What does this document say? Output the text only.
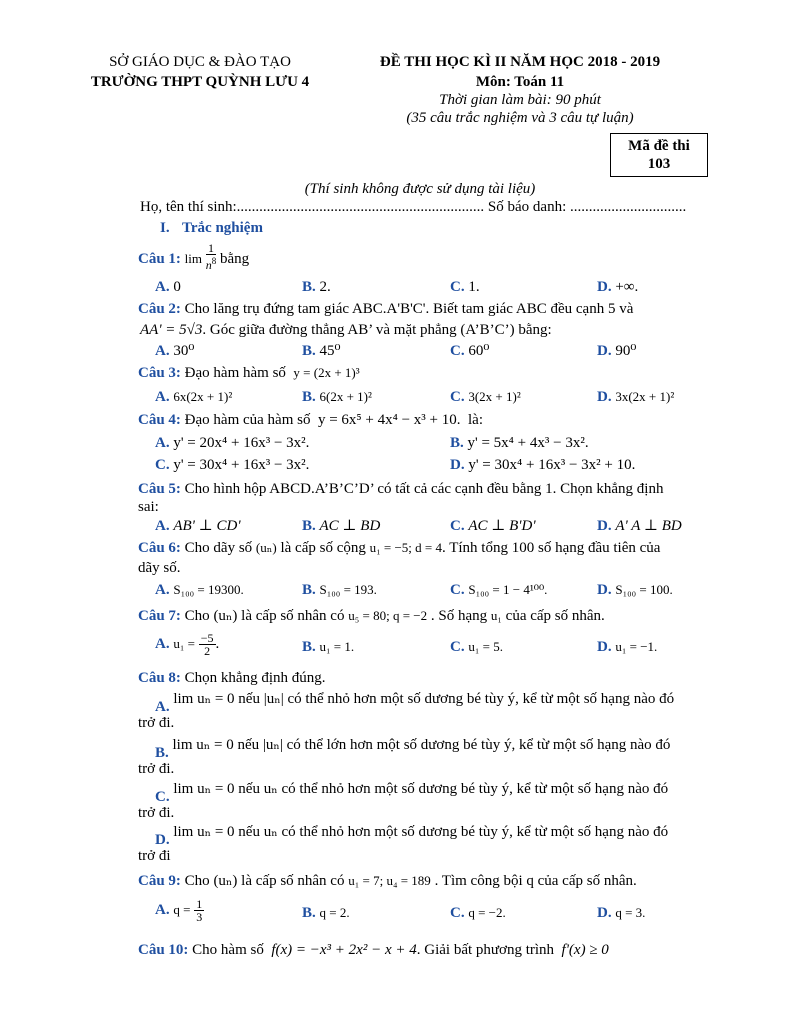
SỞ GIÁO DỤC & ĐÀO TẠO
TRƯỜNG THPT QUỲNH LƯU 4
ĐỀ THI HỌC KÌ II NĂM HỌC 2018 - 2019
Môn: Toán 11
Thời gian làm bài: 90 phút
(35 câu trắc nghiệm và 3 câu tự luận)
Mã đề thi
103
(Thí sinh không được sử dụng tài liệu)
Họ, tên thí sinh:.................................................................. Số báo danh: ...............................
I. Trắc nghiệm
Câu 1: $\lim \frac{1}{n^8}$ bằng
A. 0	B. 2.	C. 1.	D. +∞.
Câu 2: Cho lăng trụ đứng tam giác ABC.A'B'C'. Biết tam giác ABC đều cạnh 5 và
AA' = 5√3. Góc giữa đường thẳng AB’ và mặt phẳng (A’B’C’) bằng:
A. 30⁰	B. 45⁰	C. 60⁰	D. 90⁰
Câu 3: Đạo hàm hàm số y = (2x + 1)³
A. 6x(2x + 1)²	B. 6(2x + 1)²	C. 3(2x + 1)²	D. 3x(2x + 1)²
Câu 4: Đạo hàm của hàm số y = 6x⁵ + 4x⁴ − x³ + 10. là:
A. y' = 20x⁴ + 16x³ − 3x².	B. y' = 5x⁴ + 4x³ − 3x².
C. y' = 30x⁴ + 16x³ − 3x².	D. y' = 30x⁴ + 16x³ − 3x² + 10.
Câu 5: Cho hình hộp ABCD.A’B’C’D’ có tất cả các cạnh đều bằng 1. Chọn khẳng định
sai:
A. AB' ⊥ CD'	B. AC ⊥ BD	C. AC ⊥ B'D'	D. A' A ⊥ BD
Câu 6: Cho dãy số (uₙ) là cấp số cộng u₁ = −5; d = 4. Tính tổng 100 số hạng đầu tiên của
dãy số.
A. S₁₀₀ = 19300.	B. S₁₀₀ = 193.	C. S₁₀₀ = 1 − 4¹⁰⁰.	D. S₁₀₀ = 100.
Câu 7: Cho (uₙ) là cấp số nhân có u₅ = 80; q = −2 . Số hạng u₁ của cấp số nhân.
A. $u_1 = \frac{-5}{2}$ .	B. u₁ = 1.	C. u₁ = 5.	D. u₁ = −1.
Câu 8: Chọn khẳng định đúng.
A. lim uₙ = 0 nếu |uₙ| có thể nhỏ hơn một số dương bé tùy ý, kể từ một số hạng nào đó
trở đi.
B. lim uₙ = 0 nếu |uₙ| có thể lớn hơn một số dương bé tùy ý, kể từ một số hạng nào đó
trở đi.
C. lim uₙ = 0 nếu uₙ có thể nhỏ hơn một số dương bé tùy ý, kể từ một số hạng nào đó
trở đi.
D. lim uₙ = 0 nếu uₙ có thể nhỏ hơn một số dương bé tùy ý, kể từ một số hạng nào đó
trở đi
Câu 9: Cho (uₙ) là cấp số nhân có u₁ = 7; u₄ = 189 . Tìm công bội q của cấp số nhân.
A. $q = \frac{1}{3}$	B. q = 2.	C. q = −2.	D. q = 3.
Câu 10: Cho hàm số f(x) = −x³ + 2x² − x + 4. Giải bất phương trình f'(x) ≥ 0
